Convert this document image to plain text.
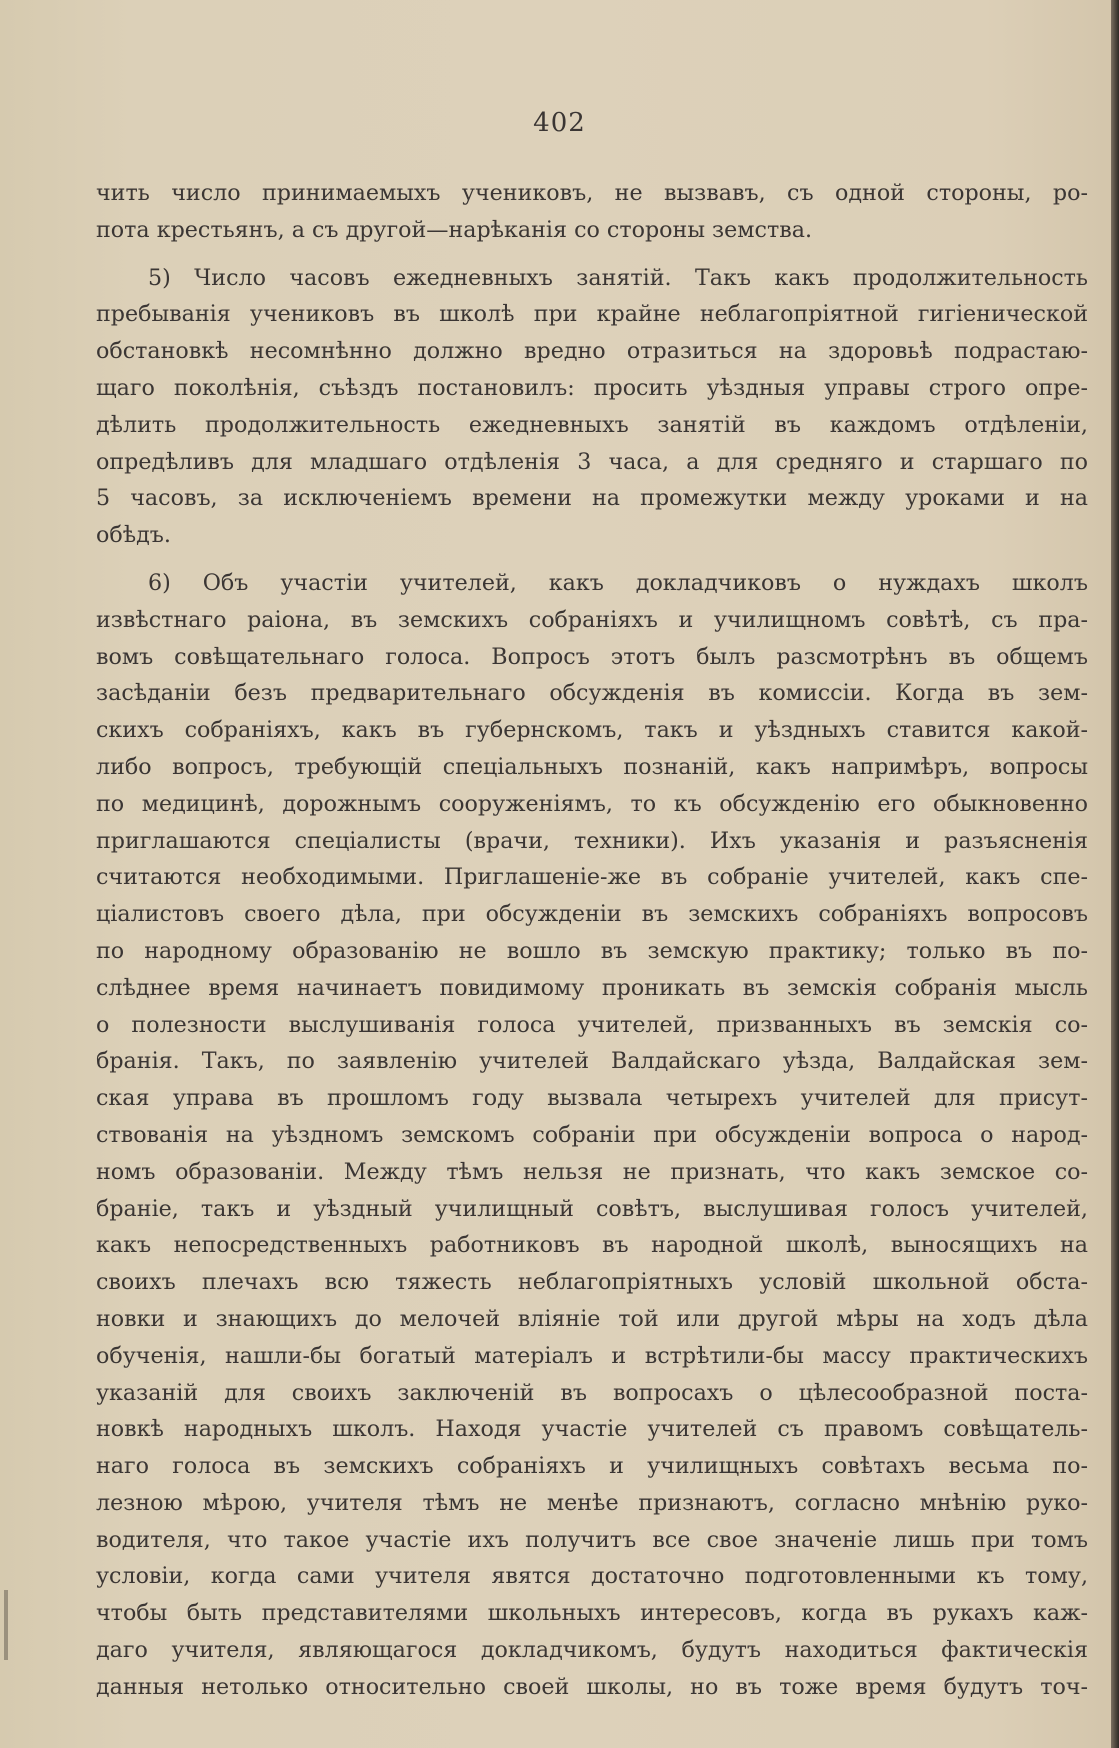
402
чить число принимаемыхъ учениковъ, не вызвавъ, съ одной стороны, ро-
пота крестьянъ, а съ другой—нарѣканія со стороны земства.
5) Число часовъ ежедневныхъ занятій. Такъ какъ продолжительность
пребыванія учениковъ въ школѣ при крайне неблагопріятной гигіенической
обстановкѣ несомнѣнно должно вредно отразиться на здоровьѣ подрастаю-
щаго поколѣнія, съѣздъ постановилъ: просить уѣздныя управы строго опре-
дѣлить продолжительность ежедневныхъ занятій въ каждомъ отдѣленіи,
опредѣливъ для младшаго отдѣленія 3 часа, а для средняго и старшаго по
5 часовъ, за исключеніемъ времени на промежутки между уроками и на
обѣдъ.
6) Объ участіи учителей, какъ докладчиковъ о нуждахъ школъ
извѣстнаго раіона, въ земскихъ собраніяхъ и училищномъ совѣтѣ, съ пра-
вомъ совѣщательнаго голоса. Вопросъ этотъ былъ разсмотрѣнъ въ общемъ
засѣданіи безъ предварительнаго обсужденія въ комиссіи. Когда въ зем-
скихъ собраніяхъ, какъ въ губернскомъ, такъ и уѣздныхъ ставится какой-
либо вопросъ, требующій спеціальныхъ познаній, какъ напримѣръ, вопросы
по медицинѣ, дорожнымъ сооруженіямъ, то къ обсужденію его обыкновенно
приглашаются спеціалисты (врачи, техники). Ихъ указанія и разъясненія
считаются необходимыми. Приглашеніе-же въ собраніе учителей, какъ спе-
ціалистовъ своего дѣла, при обсужденіи въ земскихъ собраніяхъ вопросовъ
по народному образованію не вошло въ земскую практику; только въ по-
слѣднее время начинаетъ повидимому проникать въ земскія собранія мысль
о полезности выслушиванія голоса учителей, призванныхъ въ земскія со-
бранія. Такъ, по заявленію учителей Валдайскаго уѣзда, Валдайская зем-
ская управа въ прошломъ году вызвала четырехъ учителей для присут-
ствованія на уѣздномъ земскомъ собраніи при обсужденіи вопроса о народ-
номъ образованіи. Между тѣмъ нельзя не признать, что какъ земское со-
браніе, такъ и уѣздный училищный совѣтъ, выслушивая голосъ учителей,
какъ непосредственныхъ работниковъ въ народной школѣ, выносящихъ на
своихъ плечахъ всю тяжесть неблагопріятныхъ условій школьной обста-
новки и знающихъ до мелочей вліяніе той или другой мѣры на ходъ дѣла
обученія, нашли-бы богатый матеріалъ и встрѣтили-бы массу практическихъ
указаній для своихъ заключеній въ вопросахъ о цѣлесообразной поста-
новкѣ народныхъ школъ. Находя участіе учителей съ правомъ совѣщатель-
наго голоса въ земскихъ собраніяхъ и училищныхъ совѣтахъ весьма по-
лезною мѣрою, учителя тѣмъ не менѣе признаютъ, согласно мнѣнію руко-
водителя, что такое участіе ихъ получитъ все свое значеніе лишь при томъ
условіи, когда сами учителя явятся достаточно подготовленными къ тому,
чтобы быть представителями школьныхъ интересовъ, когда въ рукахъ каж-
даго учителя, являющагося докладчикомъ, будутъ находиться фактическія
данныя нетолько относительно своей школы, но въ тоже время будутъ точ-
